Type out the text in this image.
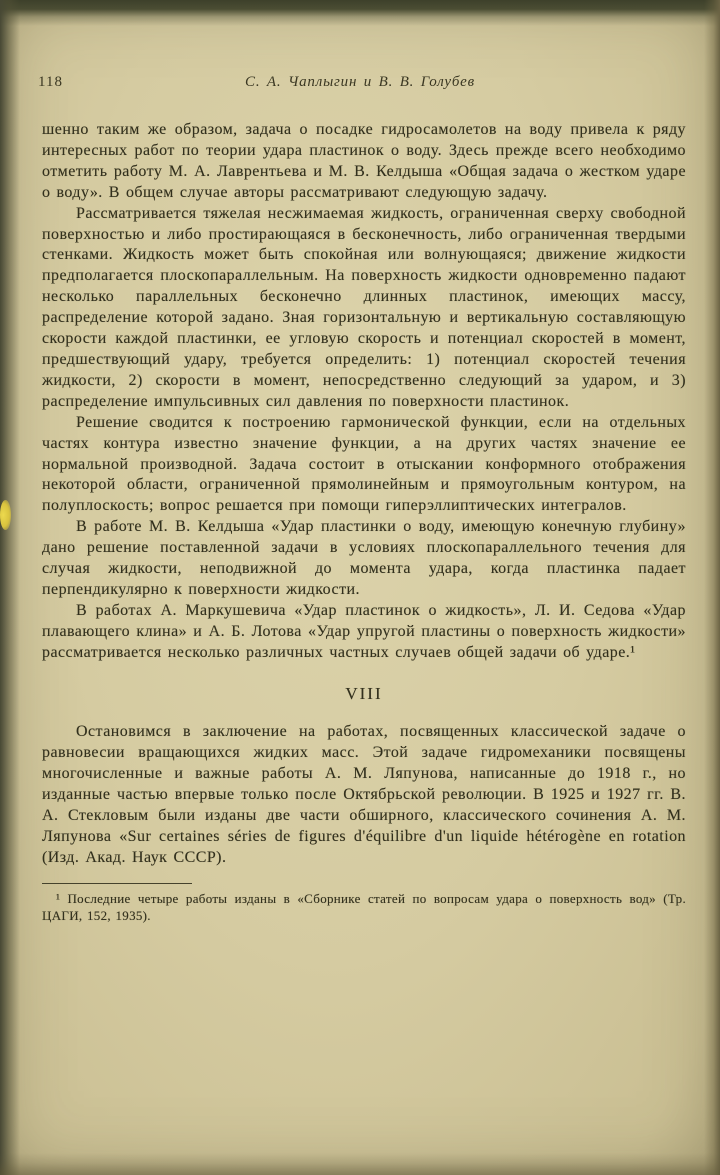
118	С. А. Чаплыгин и В. В. Голубев

шенно таким же образом, задача о посадке гидросамолетов на воду привела к ряду интересных работ по теории удара пластинок о воду. Здесь прежде всего необходимо отметить работу М. А. Лаврентьева и М. В. Келдыша «Общая задача о жестком ударе о воду». В общем случае авторы рассматривают следующую задачу.

Рассматривается тяжелая несжимаемая жидкость, ограниченная сверху свободной поверхностью и либо простирающаяся в бесконечность, либо ограниченная твердыми стенками. Жидкость может быть спокойная или волнующаяся; движение жидкости предполагается плоскопараллельным. На поверхность жидкости одновременно падают несколько параллельных бесконечно длинных пластинок, имеющих массу, распределение которой задано. Зная горизонтальную и вертикальную составляющую скорости каждой пластинки, ее угловую скорость и потенциал скоростей в момент, предшествующий удару, требуется определить: 1) потенциал скоростей течения жидкости, 2) скорости в момент, непосредственно следующий за ударом, и 3) распределение импульсивных сил давления по поверхности пластинок.

Решение сводится к построению гармонической функции, если на отдельных частях контура известно значение функции, а на других частях значение ее нормальной производной. Задача состоит в отыскании конформного отображения некоторой области, ограниченной прямолинейным и прямоугольным контуром, на полуплоскость; вопрос решается при помощи гиперэллиптических интегралов.

В работе М. В. Келдыша «Удар пластинки о воду, имеющую конечную глубину» дано решение поставленной задачи в условиях плоскопараллельного течения для случая жидкости, неподвижной до момента удара, когда пластинка падает перпендикулярно к поверхности жидкости.

В работах А. Маркушевича «Удар пластинок о жидкость», Л. И. Седова «Удар плавающего клина» и А. Б. Лотова «Удар упругой пластины о поверхность жидкости» рассматривается несколько различных частных случаев общей задачи об ударе.¹

VIII

Остановимся в заключение на работах, посвященных классической задаче о равновесии вращающихся жидких масс. Этой задаче гидромеханики посвящены многочисленные и важные работы А. М. Ляпунова, написанные до 1918 г., но изданные частью впервые только после Октябрьской революции. В 1925 и 1927 гг. В. А. Стекловым были изданы две части обширного, классического сочинения А. М. Ляпунова «Sur certaines séries de figures d'équilibre d'un liquide hétérogène en rotation (Изд. Акад. Наук СССР).

¹ Последние четыре работы изданы в «Сборнике статей по вопросам удара о поверхность вод» (Тр. ЦАГИ, 152, 1935).
